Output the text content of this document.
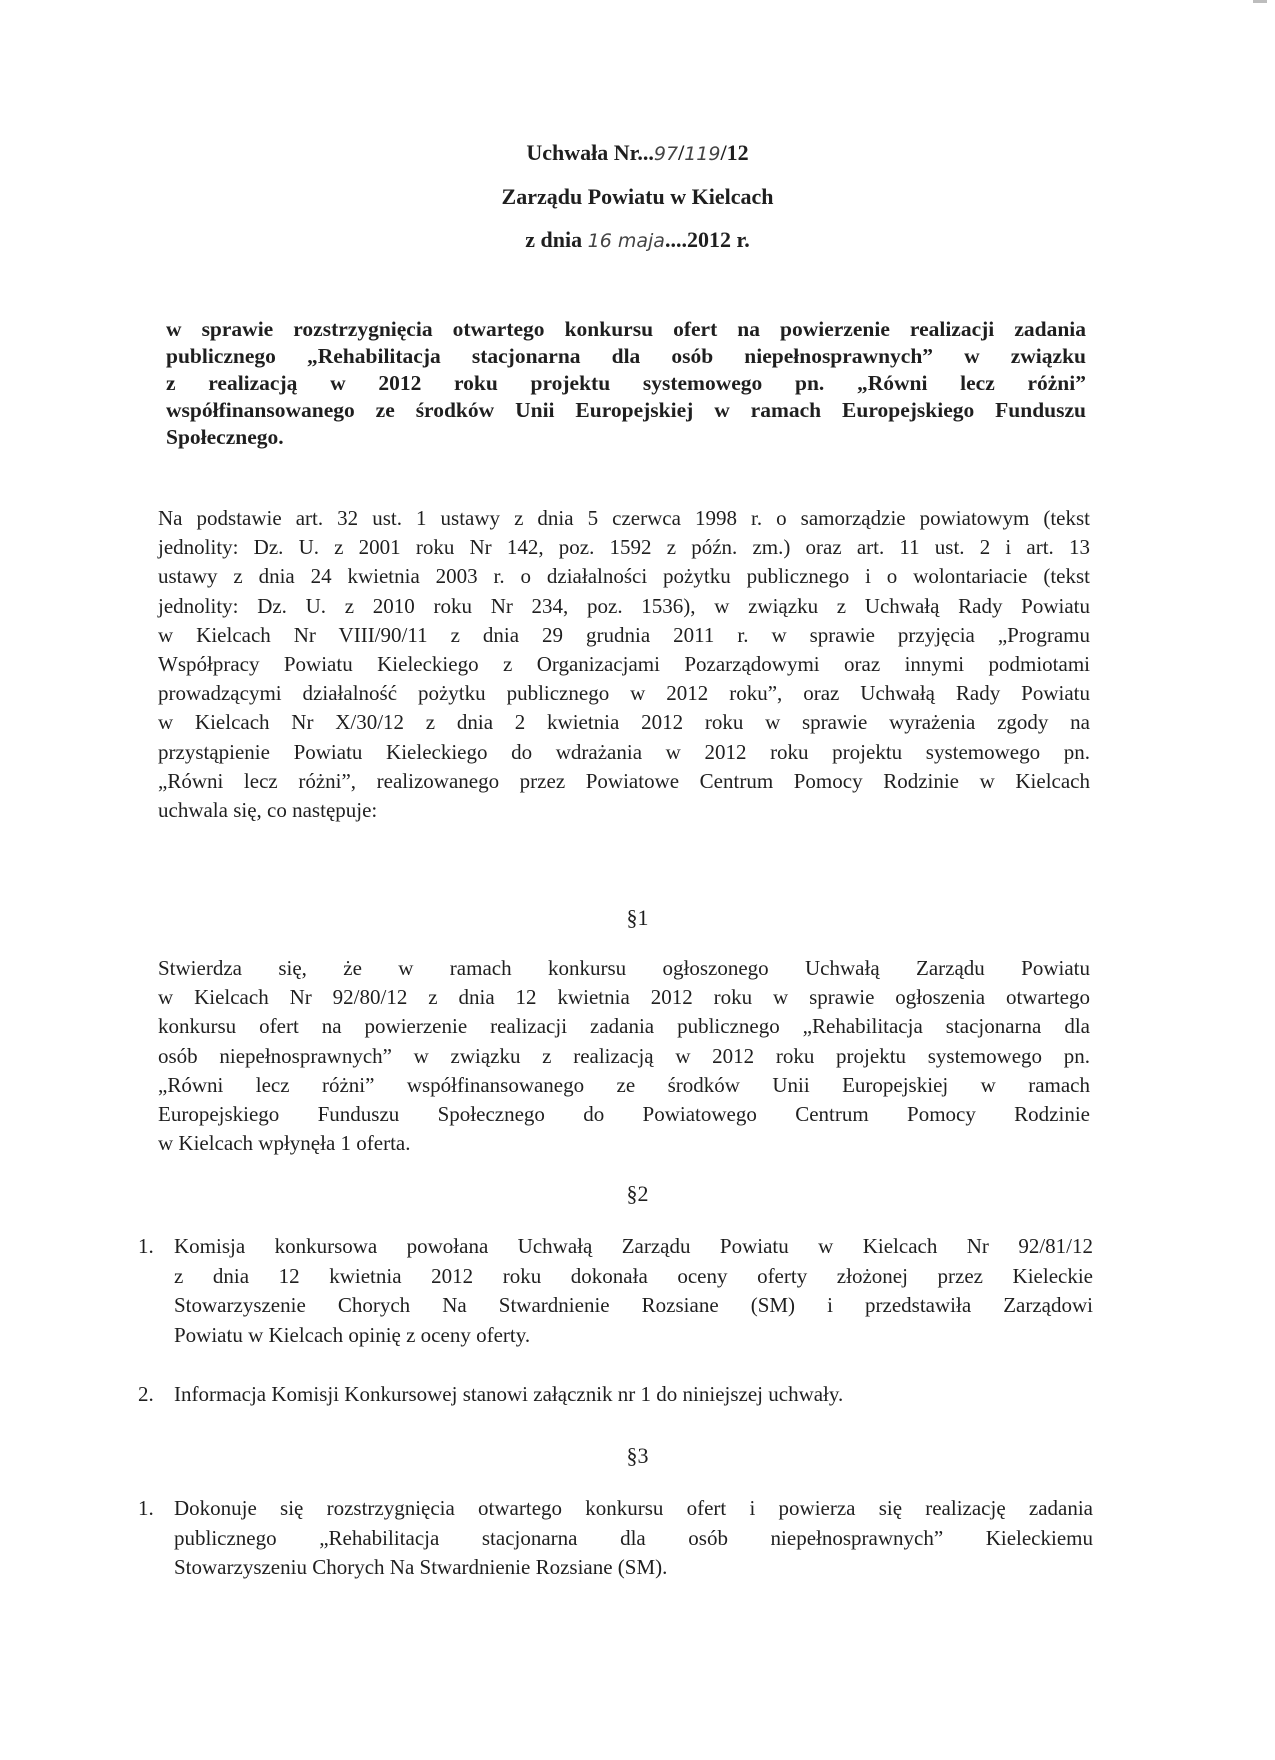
Uchwała Nr...97/119/12
Zarządu Powiatu w Kielcach
z dnia 16 maja....2012 r.
w sprawie rozstrzygnięcia otwartego konkursu ofert na powierzenie realizacji zadania
publicznego „Rehabilitacja stacjonarna dla osób niepełnosprawnych” w związku
z realizacją w 2012 roku projektu systemowego pn. „Równi lecz różni”
współfinansowanego ze środków Unii Europejskiej w ramach Europejskiego Funduszu
Społecznego.
Na podstawie art. 32 ust. 1 ustawy z dnia 5 czerwca 1998 r. o samorządzie powiatowym (tekst
jednolity: Dz. U. z 2001 roku Nr 142, poz. 1592 z późn. zm.) oraz art. 11 ust. 2 i art. 13
ustawy z dnia 24 kwietnia 2003 r. o działalności pożytku publicznego i o wolontariacie (tekst
jednolity: Dz. U. z 2010 roku Nr 234, poz. 1536), w związku z Uchwałą Rady Powiatu
w Kielcach Nr VIII/90/11 z dnia 29 grudnia 2011 r. w sprawie przyjęcia „Programu
Współpracy Powiatu Kieleckiego z Organizacjami Pozarządowymi oraz innymi podmiotami
prowadzącymi działalność pożytku publicznego w 2012 roku”, oraz Uchwałą Rady Powiatu
w Kielcach Nr X/30/12 z dnia 2 kwietnia 2012 roku w sprawie wyrażenia zgody na
przystąpienie Powiatu Kieleckiego do wdrażania w 2012 roku projektu systemowego pn.
„Równi lecz różni”, realizowanego przez Powiatowe Centrum Pomocy Rodzinie w Kielcach
uchwala się, co następuje:
§1
Stwierdza się, że w ramach konkursu ogłoszonego Uchwałą Zarządu Powiatu
w Kielcach Nr 92/80/12 z dnia 12 kwietnia 2012 roku w sprawie ogłoszenia otwartego
konkursu ofert na powierzenie realizacji zadania publicznego „Rehabilitacja stacjonarna dla
osób niepełnosprawnych” w związku z realizacją w 2012 roku projektu systemowego pn.
„Równi lecz różni” współfinansowanego ze środków Unii Europejskiej w ramach
Europejskiego Funduszu Społecznego do Powiatowego Centrum Pomocy Rodzinie
w Kielcach wpłynęła 1 oferta.
§2
1. Komisja konkursowa powołana Uchwałą Zarządu Powiatu w Kielcach Nr 92/81/12
z dnia 12 kwietnia 2012 roku dokonała oceny oferty złożonej przez Kieleckie
Stowarzyszenie Chorych Na Stwardnienie Rozsiane (SM) i przedstawiła Zarządowi
Powiatu w Kielcach opinię z oceny oferty.
2. Informacja Komisji Konkursowej stanowi załącznik nr 1 do niniejszej uchwały.
§3
1. Dokonuje się rozstrzygnięcia otwartego konkursu ofert i powierza się realizację zadania
publicznego „Rehabilitacja stacjonarna dla osób niepełnosprawnych” Kieleckiemu
Stowarzyszeniu Chorych Na Stwardnienie Rozsiane (SM).
